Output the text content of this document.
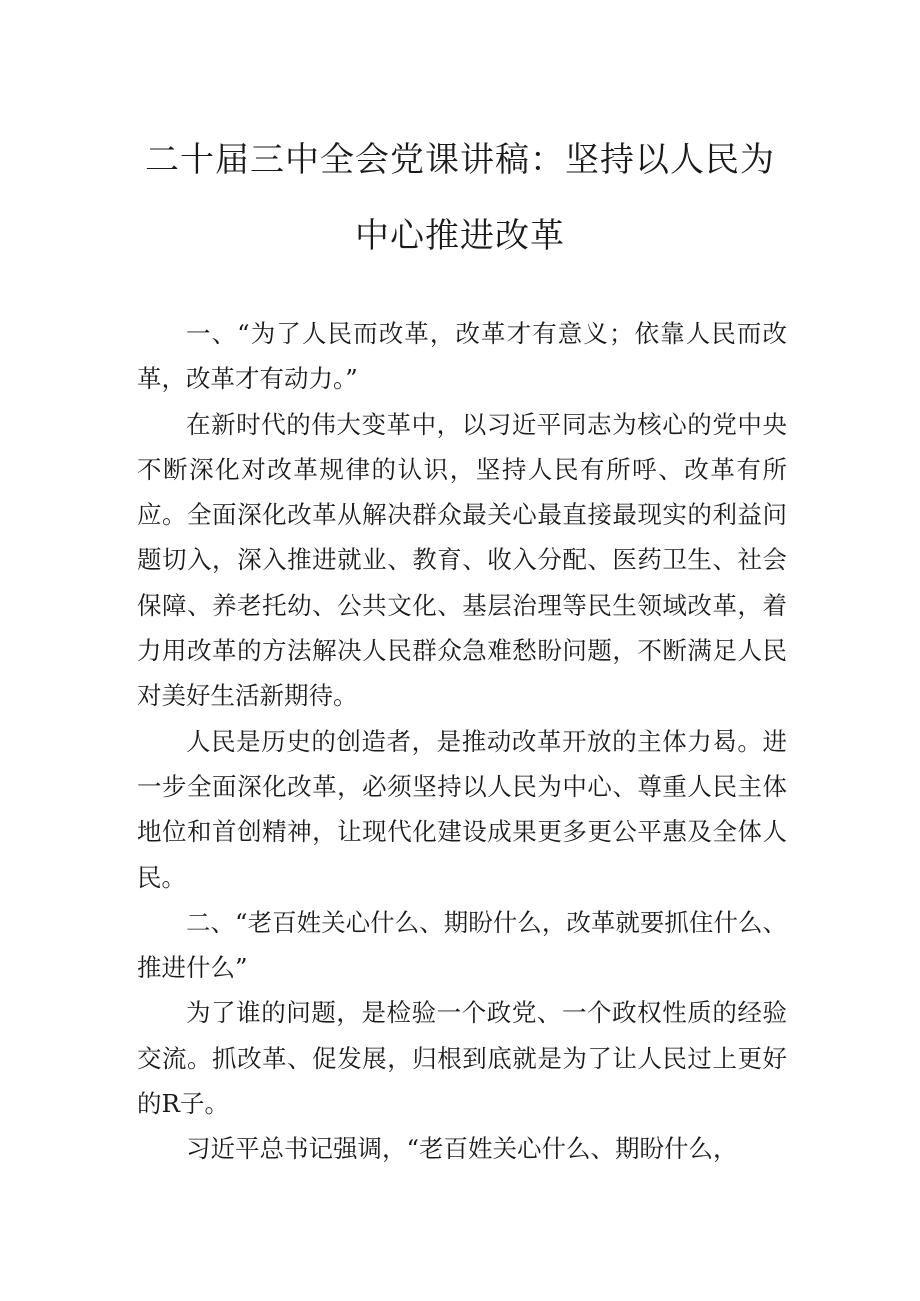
二十届三中全会党课讲稿：坚持以人民为
中心推进改革

一、“为了人民而改革，改革才有意义；依靠人民而改革，改革才有动力。”

在新时代的伟大变革中，以习近平同志为核心的党中央不断深化对改革规律的认识，坚持人民有所呼、改革有所应。全面深化改革从解决群众最关心最直接最现实的利益问题切入，深入推进就业、教育、收入分配、医药卫生、社会保障、养老托幼、公共文化、基层治理等民生领域改革，着力用改革的方法解决人民群众急难愁盼问题，不断满足人民对美好生活新期待。

人民是历史的创造者，是推动改革开放的主体力曷。进一步全面深化改革，必须坚持以人民为中心、尊重人民主体地位和首创精神，让现代化建设成果更多更公平惠及全体人民。

二、“老百姓关心什么、期盼什么，改革就要抓住什么、推进什么”

为了谁的问题，是检验一个政党、一个政权性质的经验交流。抓改革、促发展，归根到底就是为了让人民过上更好的R子。

习近平总书记强调，“老百姓关心什么、期盼什么，
